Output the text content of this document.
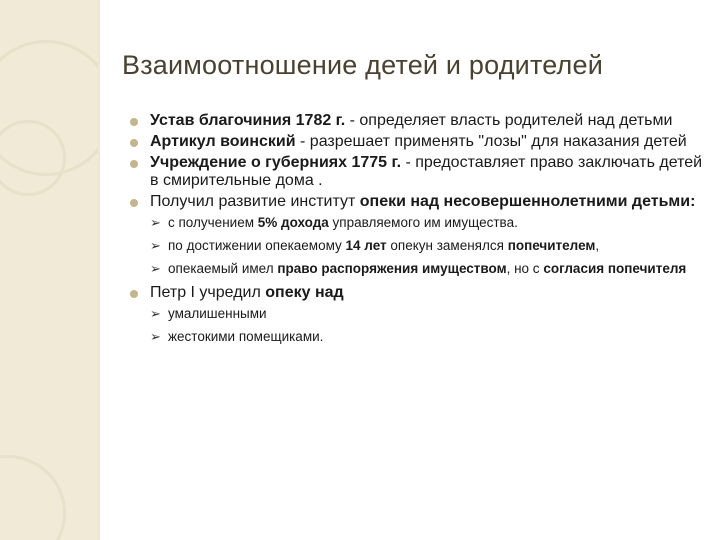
Взаимоотношение детей и родителей
Устав благочиния 1782 г. - определяет власть родителей над детьми
Артикул воинский - разрешает применять "лозы" для наказания детей
Учреждение о губерниях 1775 г. - предоставляет право заключать детей в смирительные дома .
Получил развитие институт опеки над несовершеннолетними детьми:
➢ с получением 5% дохода управляемого им имущества.
➢ по достижении опекаемому 14 лет опекун заменялся попечителем,
➢ опекаемый имел право распоряжения имуществом, но с согласия попечителя
Петр I учредил опеку над
➢ умалишенными
➢ жестокими помещиками.
